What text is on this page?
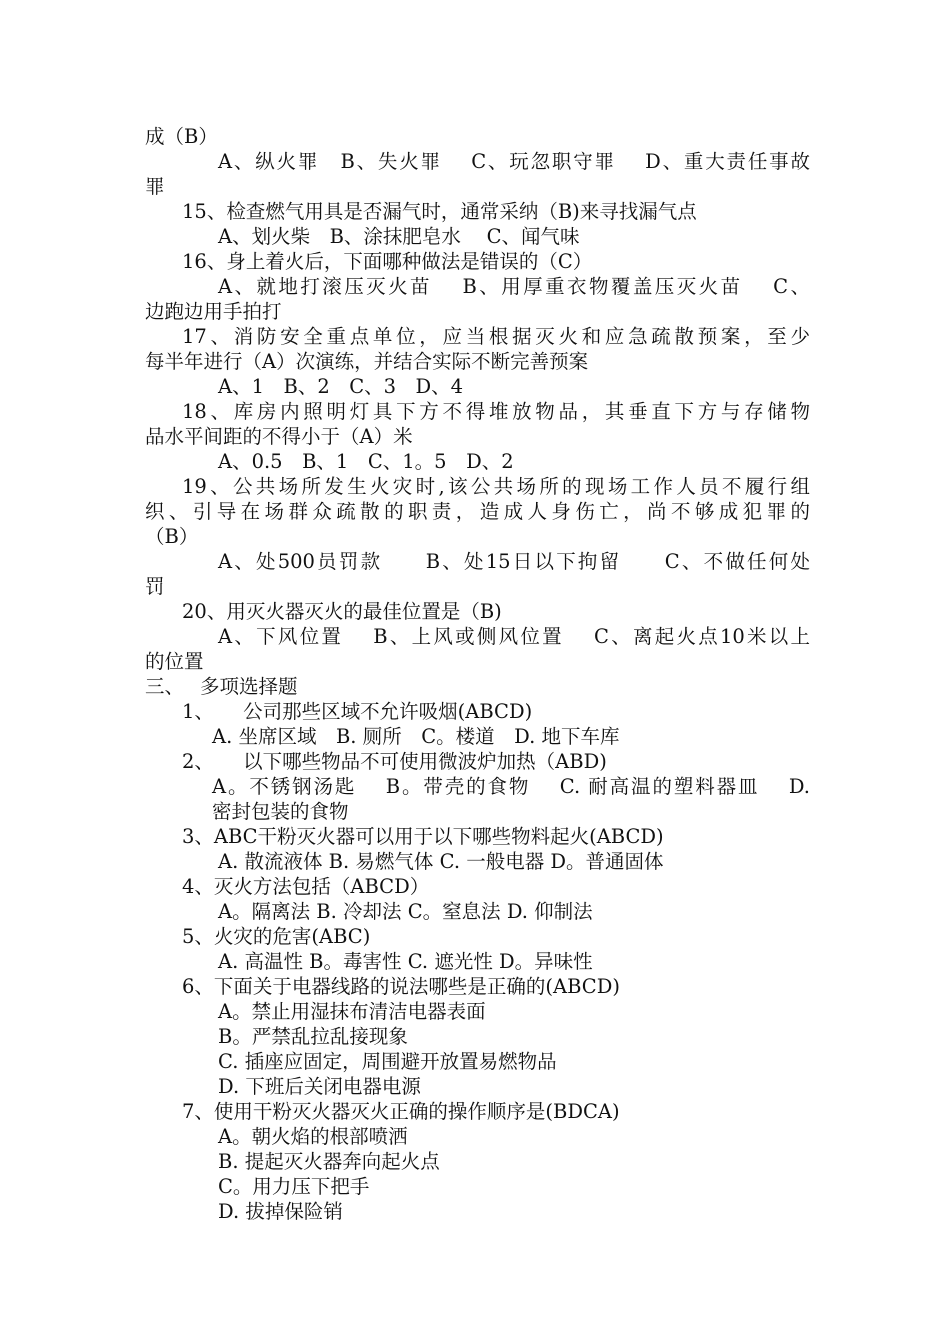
成（B）
A、纵火罪　B、失火罪　 C、玩忽职守罪　 D、重大责任事故
罪
15、检查燃气用具是否漏气时，通常采纳（B)来寻找漏气点
A、划火柴　B、涂抹肥皂水　 C、闻气味
16、身上着火后，下面哪种做法是错误的（C）
A、就地打滚压灭火苗　 B、用厚重衣物覆盖压灭火苗　 C、
边跑边用手拍打
17、消防安全重点单位，应当根据灭火和应急疏散预案，至少
每半年进行（A）次演练，并结合实际不断完善预案
A、1　B、2　C、3　D、4
18、库房内照明灯具下方不得堆放物品，其垂直下方与存储物
品水平间距的不得小于（A）米
A、0.5　B、1　C、1。5　D、2
19、公共场所发生火灾时,该公共场所的现场工作人员不履行组
织、引导在场群众疏散的职责，造成人身伤亡，尚不够成犯罪的
（B）
A、处500员罚款　　B、处15日以下拘留　　C、不做任何处
罚
20、用灭火器灭火的最佳位置是（B)
A、下风位置　 B、上风或侧风位置　 C、离起火点10米以上
的位置
三、　 多项选择题
1、　　公司那些区域不允许吸烟(ABCD)
A. 坐席区域　B. 厕所　C。楼道　D. 地下车库
2、　　以下哪些物品不可使用微波炉加热（ABD)
A。不锈钢汤匙　 B。带壳的食物　 C. 耐高温的塑料器皿　 D.
密封包装的食物
3、ABC干粉灭火器可以用于以下哪些物料起火(ABCD)
A. 散流液体 B. 易燃气体 C. 一般电器 D。普通固体
4、灭火方法包括（ABCD）
A。隔离法 B. 冷却法 C。窒息法 D. 仰制法
5、火灾的危害(ABC)
A. 高温性 B。毒害性 C. 遮光性 D。异味性
6、下面关于电器线路的说法哪些是正确的(ABCD)
A。禁止用湿抹布清洁电器表面
B。严禁乱拉乱接现象
C. 插座应固定，周围避开放置易燃物品
D. 下班后关闭电器电源
7、使用干粉灭火器灭火正确的操作顺序是(BDCA)
A。朝火焰的根部喷洒
B. 提起灭火器奔向起火点
C。用力压下把手
D. 拔掉保险销
